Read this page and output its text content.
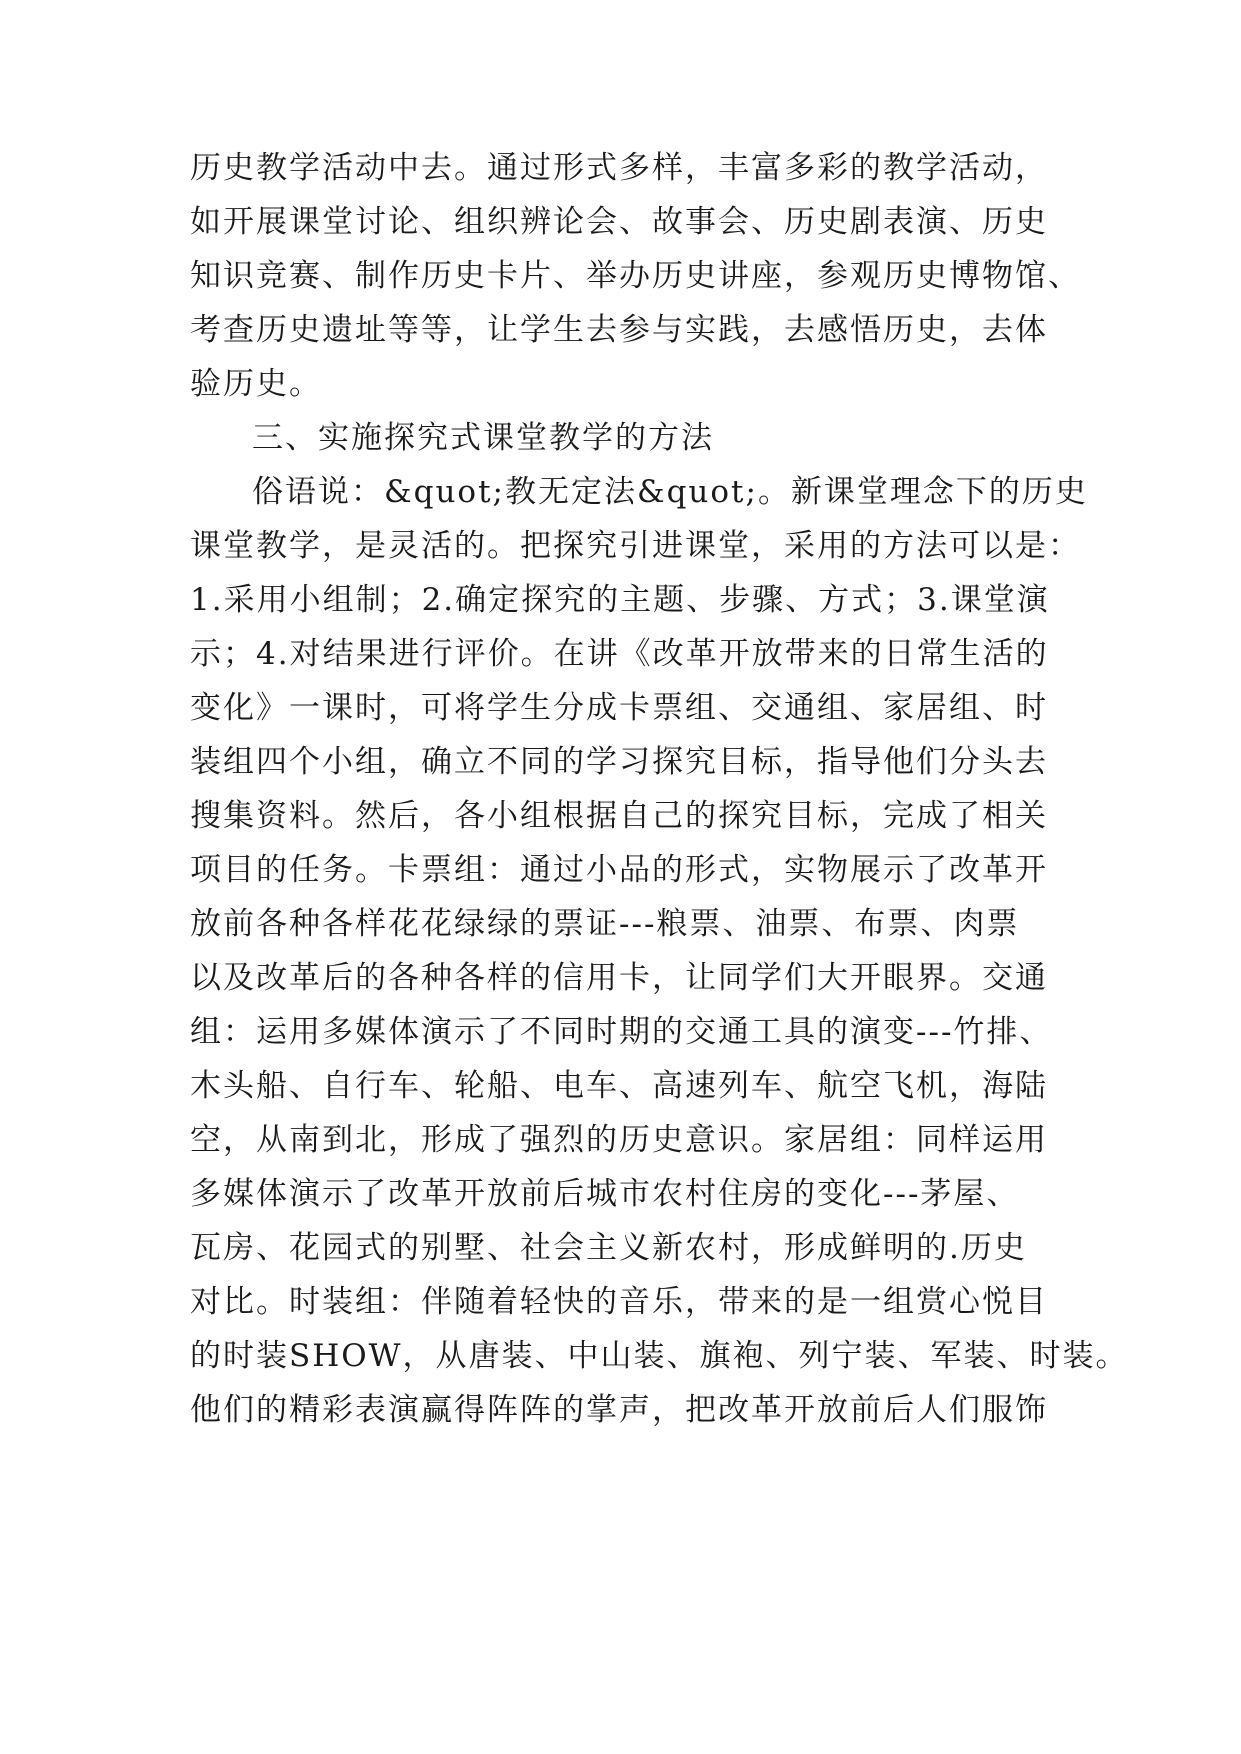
历史教学活动中去。通过形式多样，丰富多彩的教学活动，
如开展课堂讨论、组织辨论会、故事会、历史剧表演、历史
知识竞赛、制作历史卡片、举办历史讲座，参观历史博物馆、
考查历史遗址等等，让学生去参与实践，去感悟历史，去体
验历史。
三、实施探究式课堂教学的方法
俗语说：&quot;教无定法&quot;。新课堂理念下的历史
课堂教学，是灵活的。把探究引进课堂，采用的方法可以是：
1.采用小组制；2.确定探究的主题、步骤、方式；3.课堂演
示；4.对结果进行评价。在讲《改革开放带来的日常生活的
变化》一课时，可将学生分成卡票组、交通组、家居组、时
装组四个小组，确立不同的学习探究目标，指导他们分头去
搜集资料。然后，各小组根据自己的探究目标，完成了相关
项目的任务。卡票组：通过小品的形式，实物展示了改革开
放前各种各样花花绿绿的票证---粮票、油票、布票、肉票
以及改革后的各种各样的信用卡，让同学们大开眼界。交通
组：运用多媒体演示了不同时期的交通工具的演变---竹排、
木头船、自行车、轮船、电车、高速列车、航空飞机，海陆
空，从南到北，形成了强烈的历史意识。家居组：同样运用
多媒体演示了改革开放前后城市农村住房的变化---茅屋、
瓦房、花园式的别墅、社会主义新农村，形成鲜明的.历史
对比。时装组：伴随着轻快的音乐，带来的是一组赏心悦目
的时装SHOW，从唐装、中山装、旗袍、列宁装、军装、时装。
他们的精彩表演赢得阵阵的掌声，把改革开放前后人们服饰
